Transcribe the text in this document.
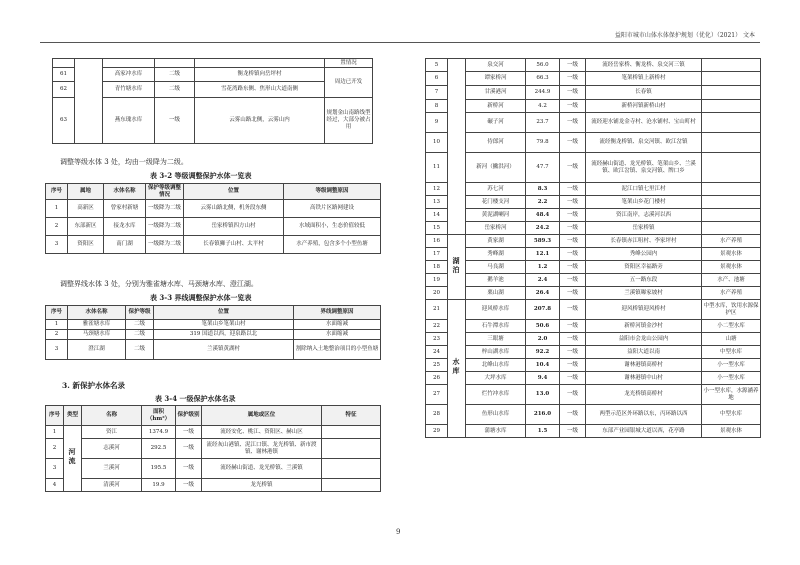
益阳市城市山体水体保护规划（优化）（2021） 文本
					置情况
61		高家冲水库	二级	衡龙桥镇向岳坪村	周边已开发
62		青竹塘水库	二级	雪花湾路东侧、焦形山大道南侧	
63		燕东瑰水库	一级	云雾山路北侧，云雾山内	规划金山南路线型经过，大部分被占用
调整等级水体 3 处，均由一级降为二级。
表 3-2 等级调整保护水体一览表
序号	属地	水体名称	保护等级调整情况	位置	等级调整原因
1	高新区	曾家村新塘	一级降为二级	云雾山路北侧，机务段东侧	高铁片区路网建设
2	东部新区	接龙水库	一级降为二级	岳家桥镇四方山村	水域面积小，生态价值较低
3	资阳区	南门湖	一级降为二级	长春镇狮子山村、太平村	水产养殖，包含多个小型鱼塘
调整界线水体 3 处，分别为雅雀塘水库、马颈塘水库、澄江湖。
表 3-3 界线调整保护水体一览表
序号	水体名称	保护等级	位置	界线调整原因
1	雅雀塘水库	二级	笔架山乡笔架山村	水面缩减
2	马颈塘水库	二级	319 国道以西，迎泉路以北	水面缩减
3	澄江湖	二级	兰溪镇黄湖村	割除纳入土地整治项目的小型鱼塘
3. 新保护水体名录
表 3-4 一级保护水体名录
序号	类型	名称	面积（hm²）	保护级别	属地或区位	特征
1	河流	资江	1374.9	一级	流经安化、桃江、资阳区、赫山区	
2		志溪河	292.5	一级	流经灰山港镇、泥江口镇、龙光桥镇、新市渡镇、谢林港镇	
3		兰溪河	195.5	一级	流经赫山街道、龙光桥镇、兰溪镇	
4		清溪河	19.9	一级	龙光桥镇	
5		泉交河	56.0	一级	流经岳家桥、衡龙桥、泉交河三镇	
6		谭家桥河	66.3	一级	笔架桥镇上新桥村	
7		甘溪港河	244.9	一级	长春镇	
8		新桥河	4.2	一级	新桥河镇新桥山村	
9		碾子河	23.7	一级	流经迎水铺龙金寺村、沧水铺村、宝山町村	
10		侍郎河	79.8	一级	流经衡龙桥镇、泉交河镇、欧江岔镇	
11		新河（撇洪河）	47.7	一级	流经赫山街道、龙光桥镇、笔架山乡、兰溪镇、欧江岔镇、泉交河镇、牌口乡	
12		苏七河	8.3	一级	泥江口镇七里江村	
13		花门楼支河	2.2	一级	笔架山乡花门楼村	
14		黄泥湖喇河	48.4	一级	资江南岸，志溪河以西	
15		岳家桥河	24.2	一级	岳家桥镇	
16	湖泊	黄家湖	589.3	一级	长春镇赤江咀村、李家坪村	水产养殖
17		秀峰湖	12.1	一级	秀峰公园内	景观水体
18		马良湖	1.2	一级	资阳区幸福路旁	景观水体
19		鹅羊池	2.4	一级	五一路东段	水产、池塘
20		栗山湖	26.4	一级	兰溪镇曝家坡村	水产养殖
21	水库	迎风桥水库	207.8	一级	迎风桥镇迎风桥村	中型水库，饮用水源保护区
22		石牛潭水库	50.6	一级	新桥河镇金沙村	小二型水库
23		三眼塘	2.0	一级	益阳市会龙山公园内	山塘
24		梓山湖水库	92.2	一级	益阳大道以南	中型水库
25		北峰山水库	10.4	一级	谢林港镇高桥村	小一型水库
26		大坪水库	9.4	一级	谢林港镇中山村	小一型水库
27		烂竹冲水库	13.0	一级	龙光桥镇高桥村	小一型水库，水源涵养地
28		鱼形山水库	216.0	一级	两型示范区外环路以东，丙环路以西	中型水库
29		蒲塘水库	1.5	一级	东部产业园银城大道以西，花亭路	景观水体
9
